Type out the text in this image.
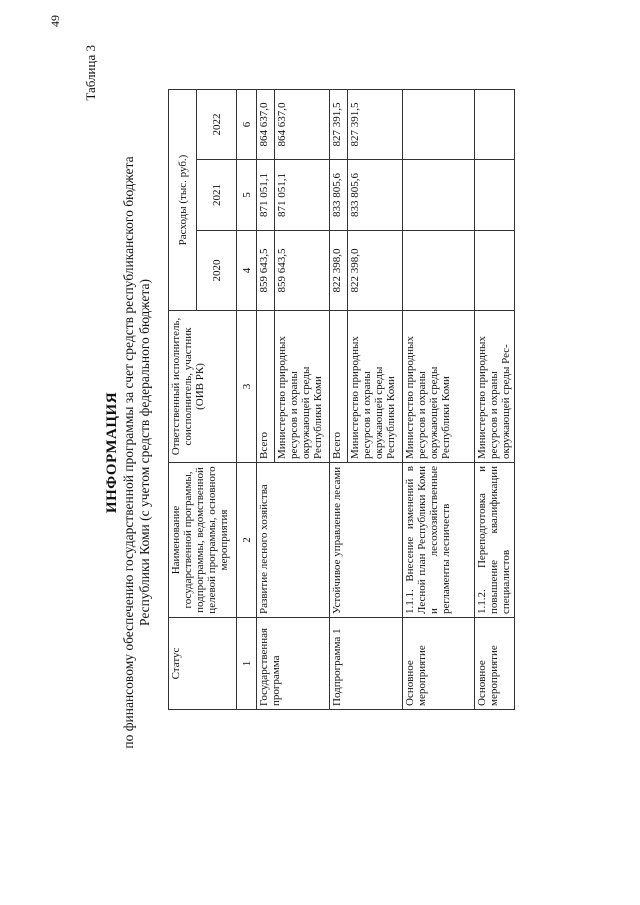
49
Таблица 3
ИНФОРМАЦИЯ по финансовому обеспечению государственной программы за счет средств республиканского бюджета Республики Коми (с учетом средств федерального бюджета)
Статус	Наименование государственной программы, подпрограммы, ведомственной целевой программы, основного мероприятия	Ответственный исполнитель, соисполнитель, участник (ОИВ РК)	Расходы (тыс. руб.)		
			2020	2021	2022
1	2	3	4	5	6
Государственная программа	Развитие лесного хозяйства	Всего	859 643,5	871 051,1	864 637,0
		Министерство природных ресурсов и охраны окружающей среды Республики Коми	859 643,5	871 051,1	864 637,0
Подпрограмма 1	Устойчивое управление лесами	Всего	822 398,0	833 805,6	827 391,5
		Министерство природных ресурсов и охраны окружающей среды Республики Коми	822 398,0	833 805,6	827 391,5
Основное мероприятие	1.1.1. Внесение изменений в Лесной план Республики Коми и лесохозяйственные регламенты лесничеств	Министерство природных ресурсов и охраны окружающей среды Республики Коми			
Основное мероприятие	1.1.2. Переподготовка и повышение квалификации специалистов	Министерство природных ресурсов и охраны окружающей среды Рес-			
